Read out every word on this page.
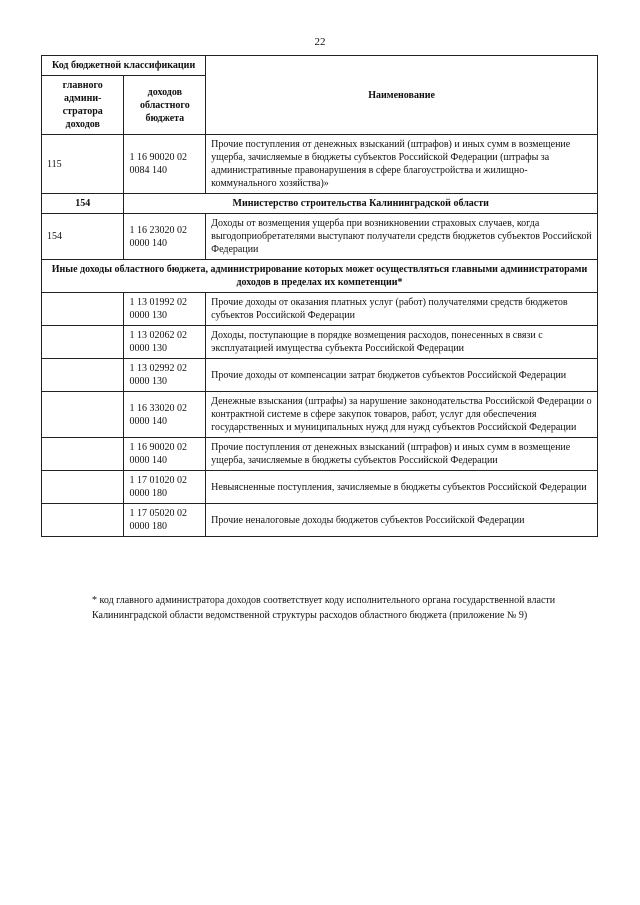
22
Код бюджетной классификации		Наименование
главного админи-стратора доходов	доходов областного бюджета	
115	1 16 90020 02 0084 140	Прочие поступления от денежных взысканий (штрафов) и иных сумм в возмещение ущерба, зачисляемые в бюджеты субъектов Российской Федерации (штрафы за административные правонарушения в сфере благоустройства и жилищно-коммунального хозяйства)»
154	Министерство строительства Калининградской области	
154	1 16 23020 02 0000 140	Доходы от возмещения ущерба при возникновении страховых случаев, когда выгодоприобретателями выступают получатели средств бюджетов субъектов Российской Федерации
Иные доходы областного бюджета, администрирование которых может осуществляться главными администраторами доходов в пределах их компетенции*		
	1 13 01992 02 0000 130	Прочие доходы от оказания платных услуг (работ) получателями средств бюджетов субъектов Российской Федерации
	1 13 02062 02 0000 130	Доходы, поступающие в порядке возмещения расходов, понесенных в связи с эксплуатацией имущества субъекта Российской Федерации
	1 13 02992 02 0000 130	Прочие доходы от компенсации затрат бюджетов субъектов Российской Федерации
	1 16 33020 02 0000 140	Денежные взыскания (штрафы) за нарушение законодательства Российской Федерации о контрактной системе в сфере закупок товаров, работ, услуг для обеспечения государственных и муниципальных нужд для нужд субъектов Российской Федерации
	1 16 90020 02 0000 140	Прочие поступления от денежных взысканий (штрафов) и иных сумм в возмещение ущерба, зачисляемые в бюджеты субъектов Российской Федерации
	1 17 01020 02 0000 180	Невыясненные поступления, зачисляемые в бюджеты субъектов Российской Федерации
	1 17 05020 02 0000 180	Прочие неналоговые доходы бюджетов субъектов Российской Федерации
* код главного администратора доходов соответствует коду исполнительного органа государственной власти Калининградской области ведомственной структуры расходов областного бюджета (приложение № 9)
